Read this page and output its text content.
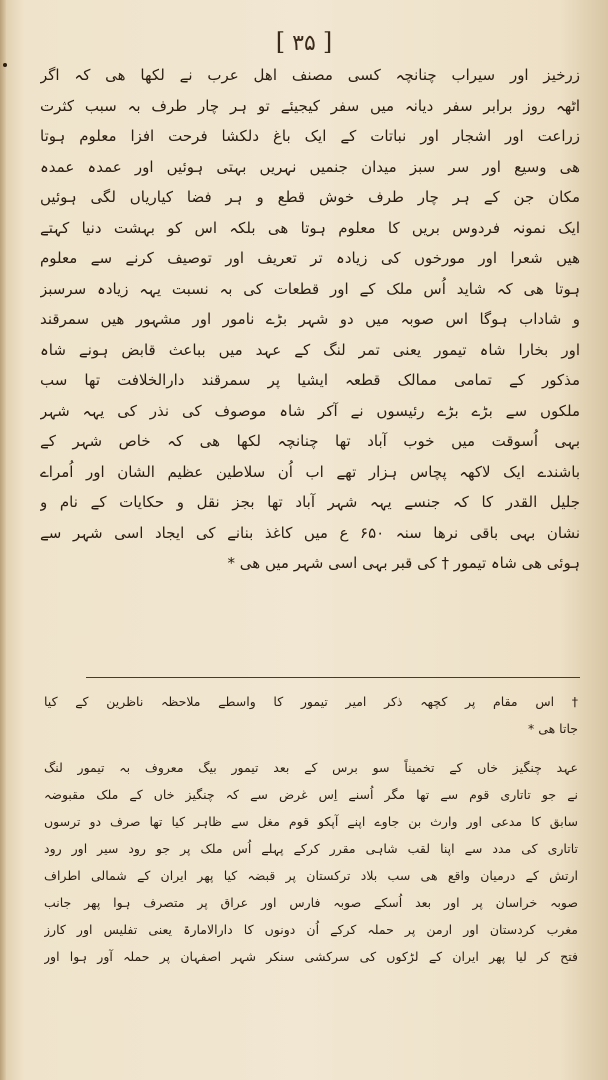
[ ۳۵ ]
زرخیز اور سیراب چنانچہ کسی مصنف اھل عرب نے لکھا ھی کہ اگر
اٹھہ روز برابر سفر دیانہ میں سفر کیجیئے تو ہر چار طرف بہ سبب کثرت
زراعت اور اشجار اور نباتات کے ایک باغ دلکشا فرحت افزا معلوم ہوتا
ھی وسیع اور سر سبز میدان جنمیں نہریں بہتی ہوئیں اور عمدہ عمدہ
مکان جن کے ہر چار طرف خوش قطع و ہر فضا کیاریاں لگی ہوئیں
ایک نمونہ فردوس بریں کا معلوم ہوتا ھی بلکہ اس کو بہشت دنیا کہتے
ھیں شعرا اور مورخوں کی زیادہ تر تعریف اور توصیف کرنے سے معلوم
ہوتا ھی کہ شاید اُس ملک کے اور قطعات کی بہ نسبت یہہ زیادہ سرسبز
و شاداب ہوگا اس صوبہ میں دو شہر بڑے نامور اور مشہور ھیں سمرقند
اور بخارا شاہ تیمور یعنی تمر لنگ کے عہد میں بباعث قابض ہونے شاہ
مذکور کے تمامی ممالک قطعہ ایشیا پر سمرقند دارالخلافت تھا سب
ملکوں سے بڑے بڑے رئیسوں نے آکر شاہ موصوف کی نذر کی یہہ شہر
بہی اُسوقت میں خوب آباد تھا چنانچہ لکھا ھی کہ خاص شہر کے
باشندے ایک لاکھہ پچاس ہزار تھے اب اُن سلاطین عظیم الشان اور اُمراے
جلیل القدر کا کہ جنسے یہہ شہر آباد تھا بجز نقل و حکایات کے نام و
نشان بہی باقی نرھا سنہ ۶۵۰ ع میں کاغذ بنانے کی ایجاد اسی شہر سے
ہوئی ھی شاہ تیمور † کی قبر بہی اسی شہر میں ھی *
† اس مقام پر کچھہ ذکر امیر تیمور کا واسطے ملاحظہ ناظرین کے کیا
جاتا ھی *
عہد چنگیز خاں کے تخمیناً سو برس کے بعد تیمور بیگ معروف بہ تیمور لنگ
نے جو تاتاری قوم سے تھا مگر اُسنے اِس غرض سے کہ چنگیز خاں کے ملک مقبوضہ
سابق کا مدعی اور وارث بن جاوے اپنے آپکو قوم مغل سے ظاہر کیا تھا صرف دو ترسوں
تاتاری کی مدد سے اپنا لقب شاہی مقرر کرکے پہلے اُس ملک پر جو رود سیر اور رود
ارتش کے درمیان واقع ھی سب بلاد ترکستان پر قبضہ کیا پھر ایران کے شمالی اطراف
صوبہ خراسان پر اور بعد اُسکے صوبہ فارس اور عراق پر متصرف ہوا پھر جانب
مغرب کردستان اور ارمن پر حملہ کرکے اُن دونوں کا دارالامارۃ یعنی تفلیس اور کارز
فتح کر لیا پھر ایران کے لڑکوں کی سرکشی سنکر شہر اصفہان پر حملہ آور ہوا اور
